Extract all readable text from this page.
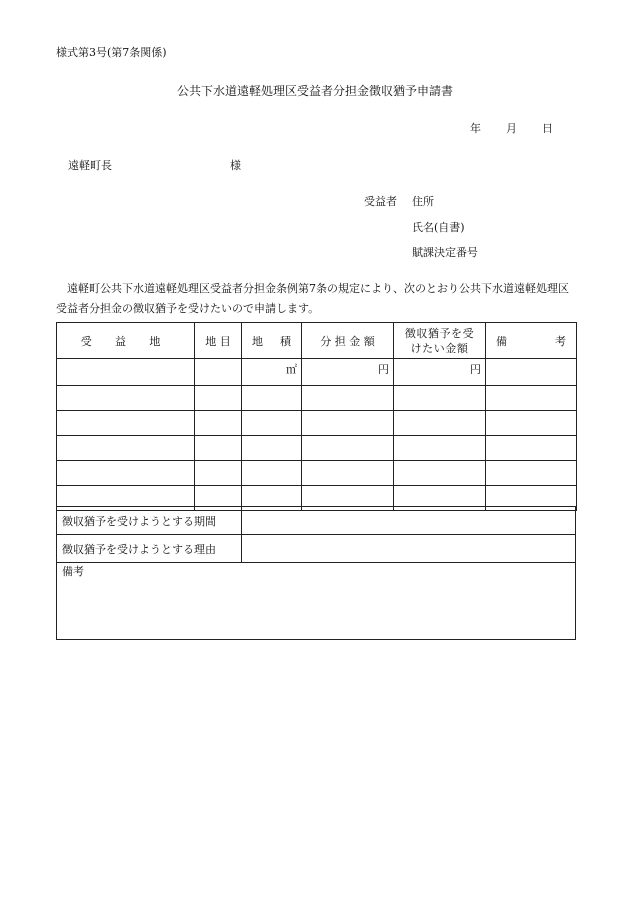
様式第3号(第7条関係)
公共下水道遠軽処理区受益者分担金徴収猶予申請書
年 月 日
遠軽町長	様
受益者 住所
氏名(自書)
賦課決定番号
遠軽町公共下水道遠軽処理区受益者分担金条例第7条の規定により、次のとおり公共下水道遠軽処理区受益者分担金の徴収猶予を受けたいので申請します。
受 益 地	地 目	地 積	分 担 金 額	徴収猶予を受けたい金額	備 考

		㎡	円	円	

徴収猶予を受けようとする期間	
徴収猶予を受けようとする理由	
備考	
